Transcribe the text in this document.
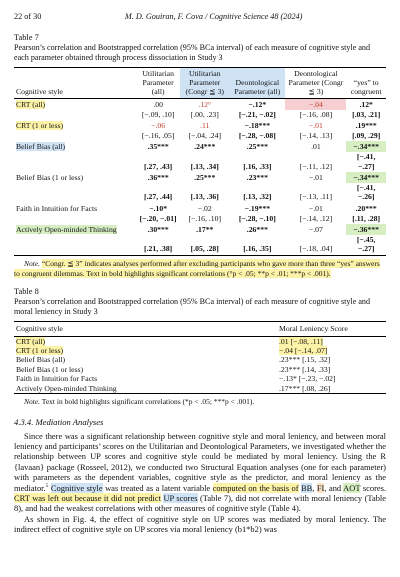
22 of 30	M. D. Gouiran, F. Cova / Cognitive Science 48 (2024)
Table 7
Pearson’s correlation and Bootstrapped correlation (95% BCa interval) of each measure of cognitive style and each parameter obtained through process dissociation in Study 3
Cognitive style	Utilitarian Parameter (all)	Utilitarian Parameter (Congr ≦ 3)	Deontological Parameter (all)	Deontological Parameter (Congr ≦ 3)	“yes” to congruent
CRT (all)	.00	.12°	−.12*	−.04	.12*
	[−.09, .10]	[.00, .23]	[−.21, −.02]	[−.16, .08]	[.03, .21]
CRT (1 or less)	−.06	.11	−.18***	−.01	.19***
	[−.16, .05]	[−.04, .24]	[−.28, −.08]	[−.14, .13]	[.09, .29]
Belief Bias (all)	.35***	.24***	.25***	.01	−.34***
	[.27, .43]	[.13, .34]	[.16, .33]	[−.11, .12]	[−.41, −.27]
Belief Bias (1 or less)	.36***	.25***	.23***	−.01	−.34***
	[.27, .44]	[.13, .36]	[.13, .32]	[−.13, .11]	[−.41, −.26]
Faith in Intuition for Facts	−.10*	−.02	−.19***	−.01	.20***
	[−.20, −.01]	[−.16, .10]	[−.28, −.10]	[−.14, .12]	[.11, .28]
Actively Open-minded Thinking	.30***	.17**	.26***	−.07	−.36***
	[.21, .38]	[.05, .28]	[.16, .35]	[−.18, .04]	[−.45, −.27]
Note. “Congr. ≦ 3” indicates analyses performed after excluding participants who gave more than three “yes” answers to congruent dilemmas. Text in bold highlights significant correlations (°p < .05; **p < .01; ***p < .001).
Table 8
Pearson’s correlation and Bootstrapped correlation (95% BCa interval) of each measure of cognitive style and moral leniency in Study 3
Cognitive style	Moral Leniency Score
CRT (all)	.01 [−.08, .11]
CRT (1 or less)	−.04 [−.14, .07]
Belief Bias (all)	.23*** [.15, .32]
Belief Bias (1 or less)	.23*** [.14, .33]
Faith in Intuition for Facts	−.13* [−.23, −.02]
Actively Open-minded Thinking	.17*** [.08, .26]
Note. Text in bold highlights significant correlations (*p < .05; ***p < .001).
4.3.4. Mediation Analyses

Since there was a significant relationship between cognitive style and moral leniency, and between moral leniency and participants’ scores on the Utilitarian and Deontological Parameters, we investigated whether the relationship between UP scores and cognitive style could be mediated by moral leniency. Using the R {lavaan} package (Rosseel, 2012), we conducted two Structural Equation analyses (one for each parameter) with parameters as the dependent variables, cognitive style as the predictor, and moral leniency as the mediator.$^5$ Cognitive style was treated as a latent variable computed on the basis of BB, FI, and AOT scores. CRT was left out because it did not predict UP scores (Table 7), did not correlate with moral leniency (Table 8), and had the weakest correlations with other measures of cognitive style (Table 4).

As shown in Fig. 4, the effect of cognitive style on UP scores was mediated by moral leniency. The indirect effect of cognitive style on UP scores via moral leniency (b1*b2) was
